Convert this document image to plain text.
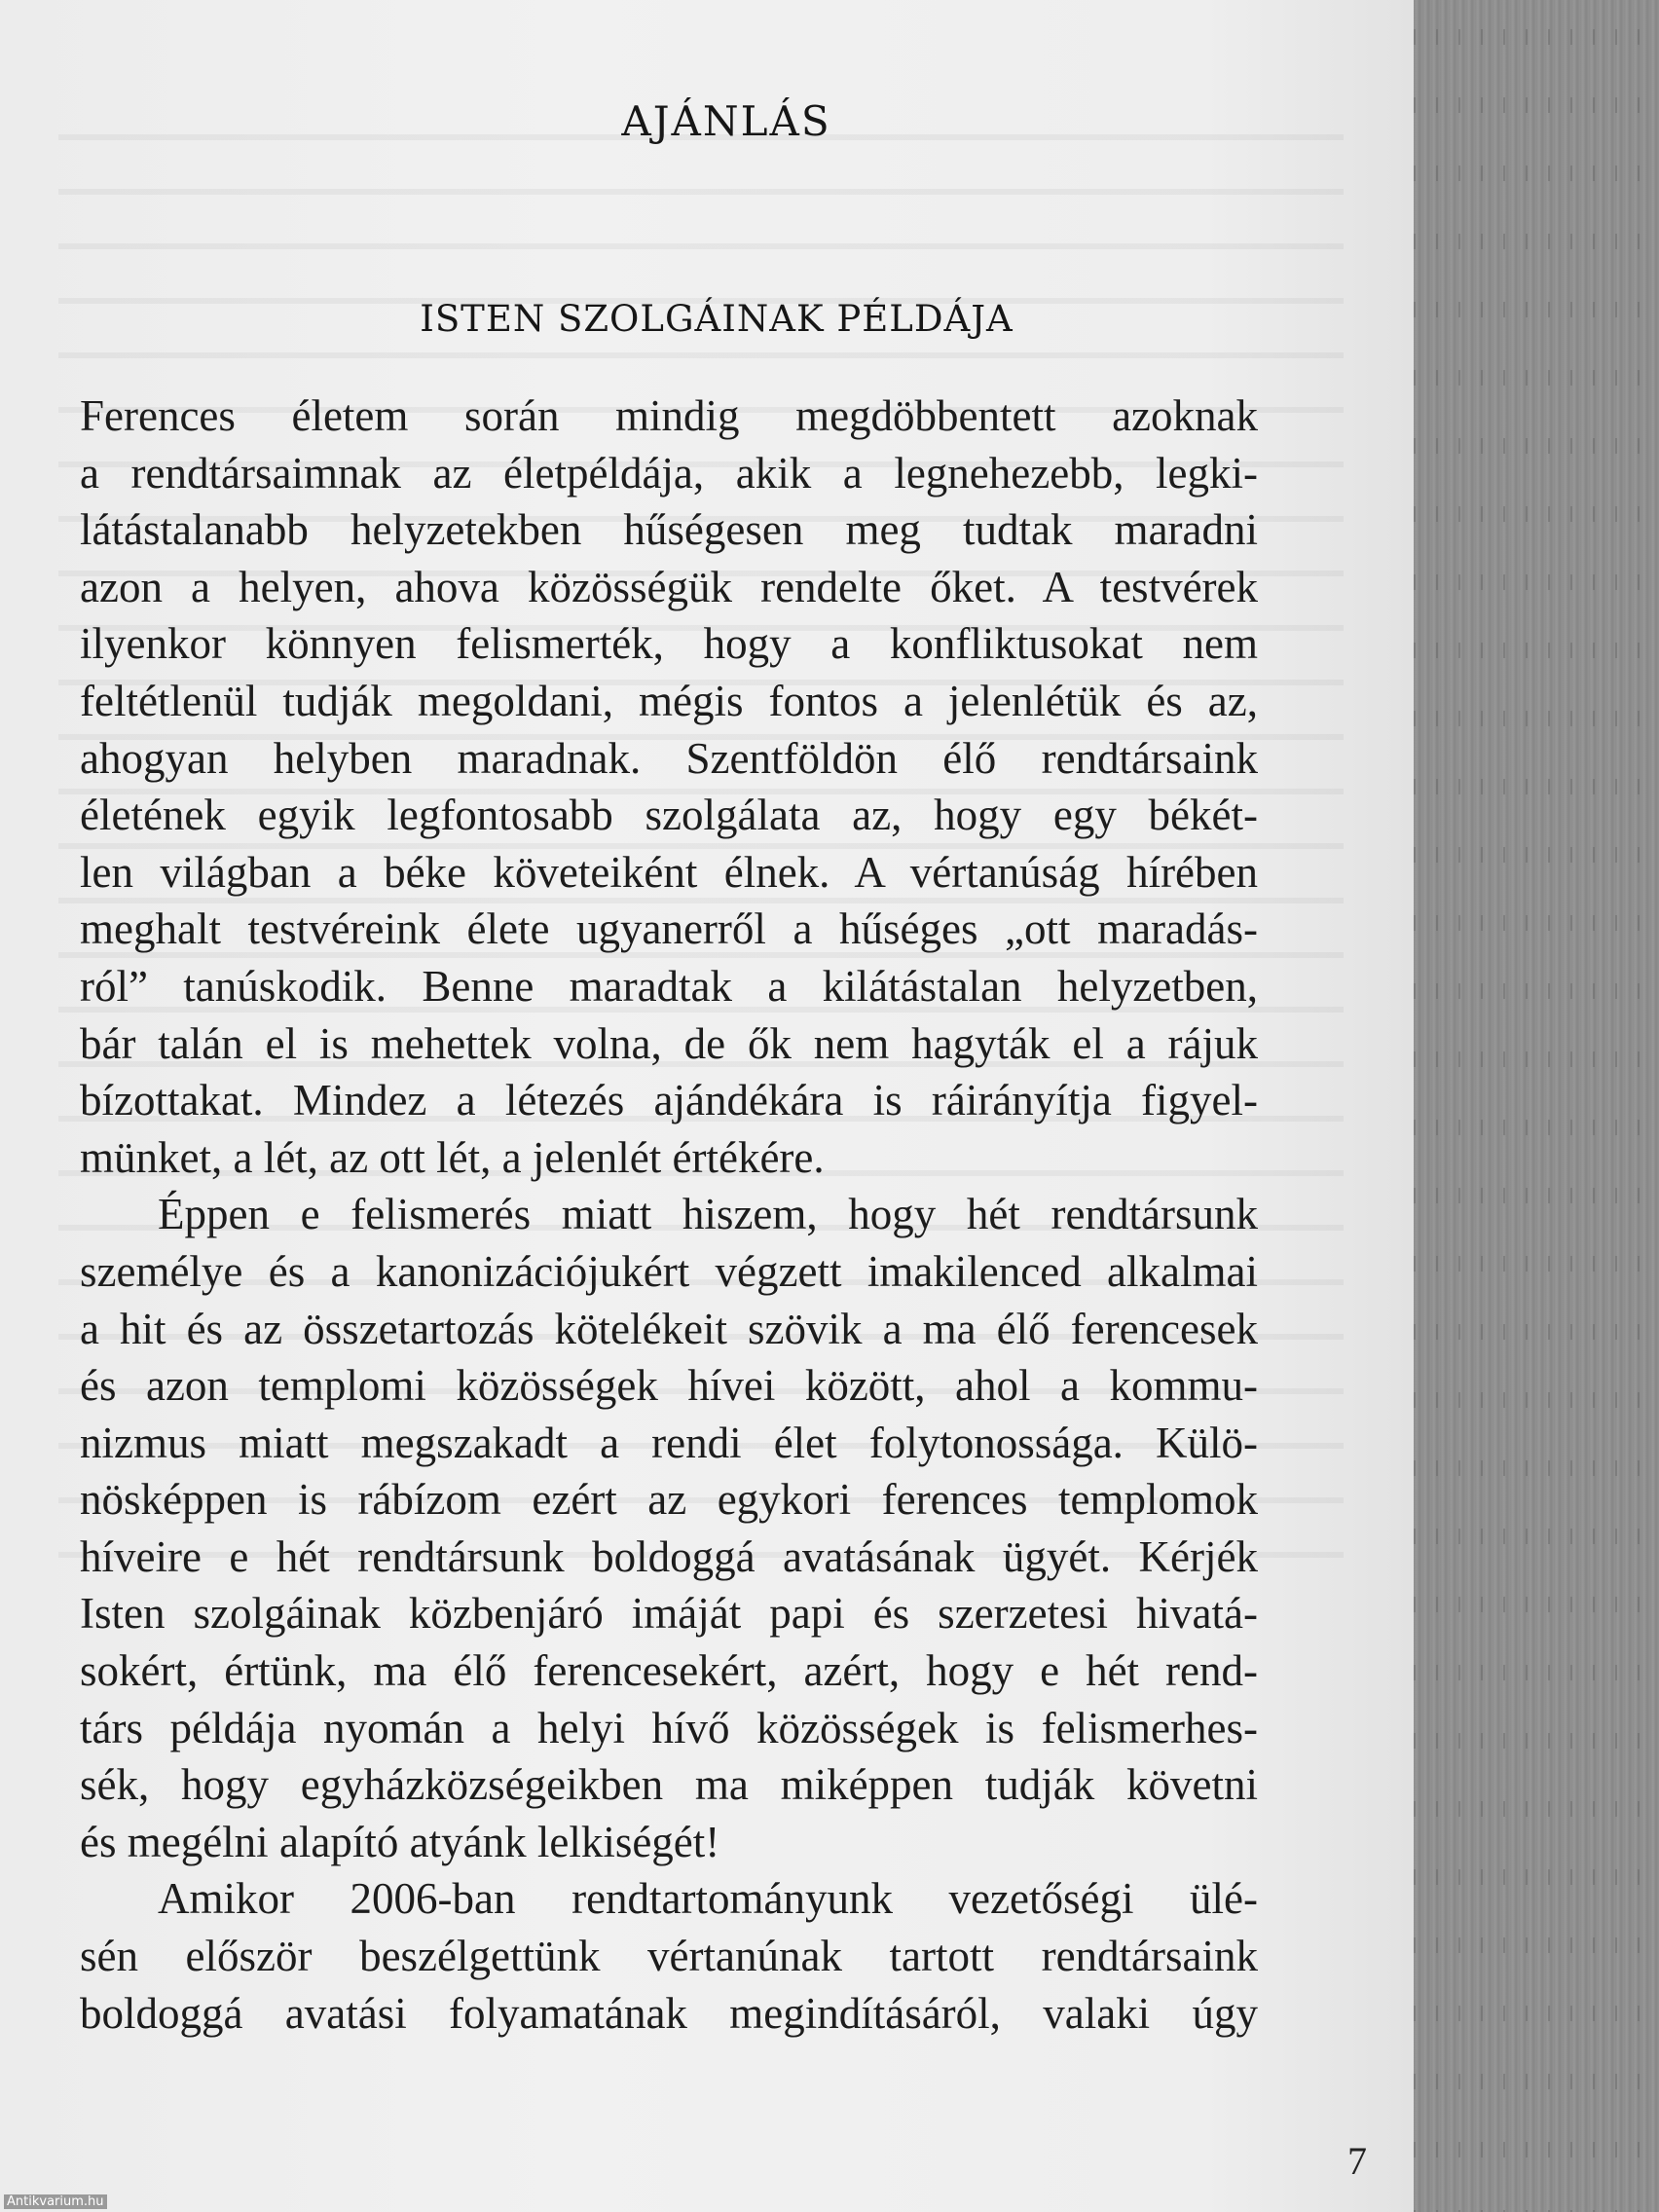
AJÁNLÁS
ISTEN SZOLGÁINAK PÉLDÁJA

Ferences életem során mindig megdöbbentett azoknak
a rendtársaimnak az életpéldája, akik a legnehezebb, legki-
látástalanabb helyzetekben hűségesen meg tudtak maradni
azon a helyen, ahova közösségük rendelte őket. A testvérek
ilyenkor könnyen felismerték, hogy a konfliktusokat nem
feltétlenül tudják megoldani, mégis fontos a jelenlétük és az,
ahogyan helyben maradnak. Szentföldön élő rendtársaink
életének egyik legfontosabb szolgálata az, hogy egy békét-
len világban a béke követeiként élnek. A vértanúság hírében
meghalt testvéreink élete ugyanerről a hűséges „ott maradás-
ról” tanúskodik. Benne maradtak a kilátástalan helyzetben,
bár talán el is mehettek volna, de ők nem hagyták el a rájuk
bízottakat. Mindez a létezés ajándékára is ráirányítja figyel-
münket, a lét, az ott lét, a jelenlét értékére.

Éppen e felismerés miatt hiszem, hogy hét rendtársunk
személye és a kanonizációjukért végzett imakilenced alkalmai
a hit és az összetartozás kötelékeit szövik a ma élő ferencesek
és azon templomi közösségek hívei között, ahol a kommu-
nizmus miatt megszakadt a rendi élet folytonossága. Külö-
nösképpen is rábízom ezért az egykori ferences templomok
híveire e hét rendtársunk boldoggá avatásának ügyét. Kérjék
Isten szolgáinak közbenjáró imáját papi és szerzetesi hivatá-
sokért, értünk, ma élő ferencesekért, azért, hogy e hét rend-
társ példája nyomán a helyi hívő közösségek is felismerhes-
sék, hogy egyházközségeikben ma miképpen tudják követni
és megélni alapító atyánk lelkiségét!

Amikor 2006-ban rendtartományunk vezetőségi ülé-
sén először beszélgettünk vértanúnak tartott rendtársaink
boldoggá avatási folyamatának megindításáról, valaki úgy

7
Antikvarium.hu
